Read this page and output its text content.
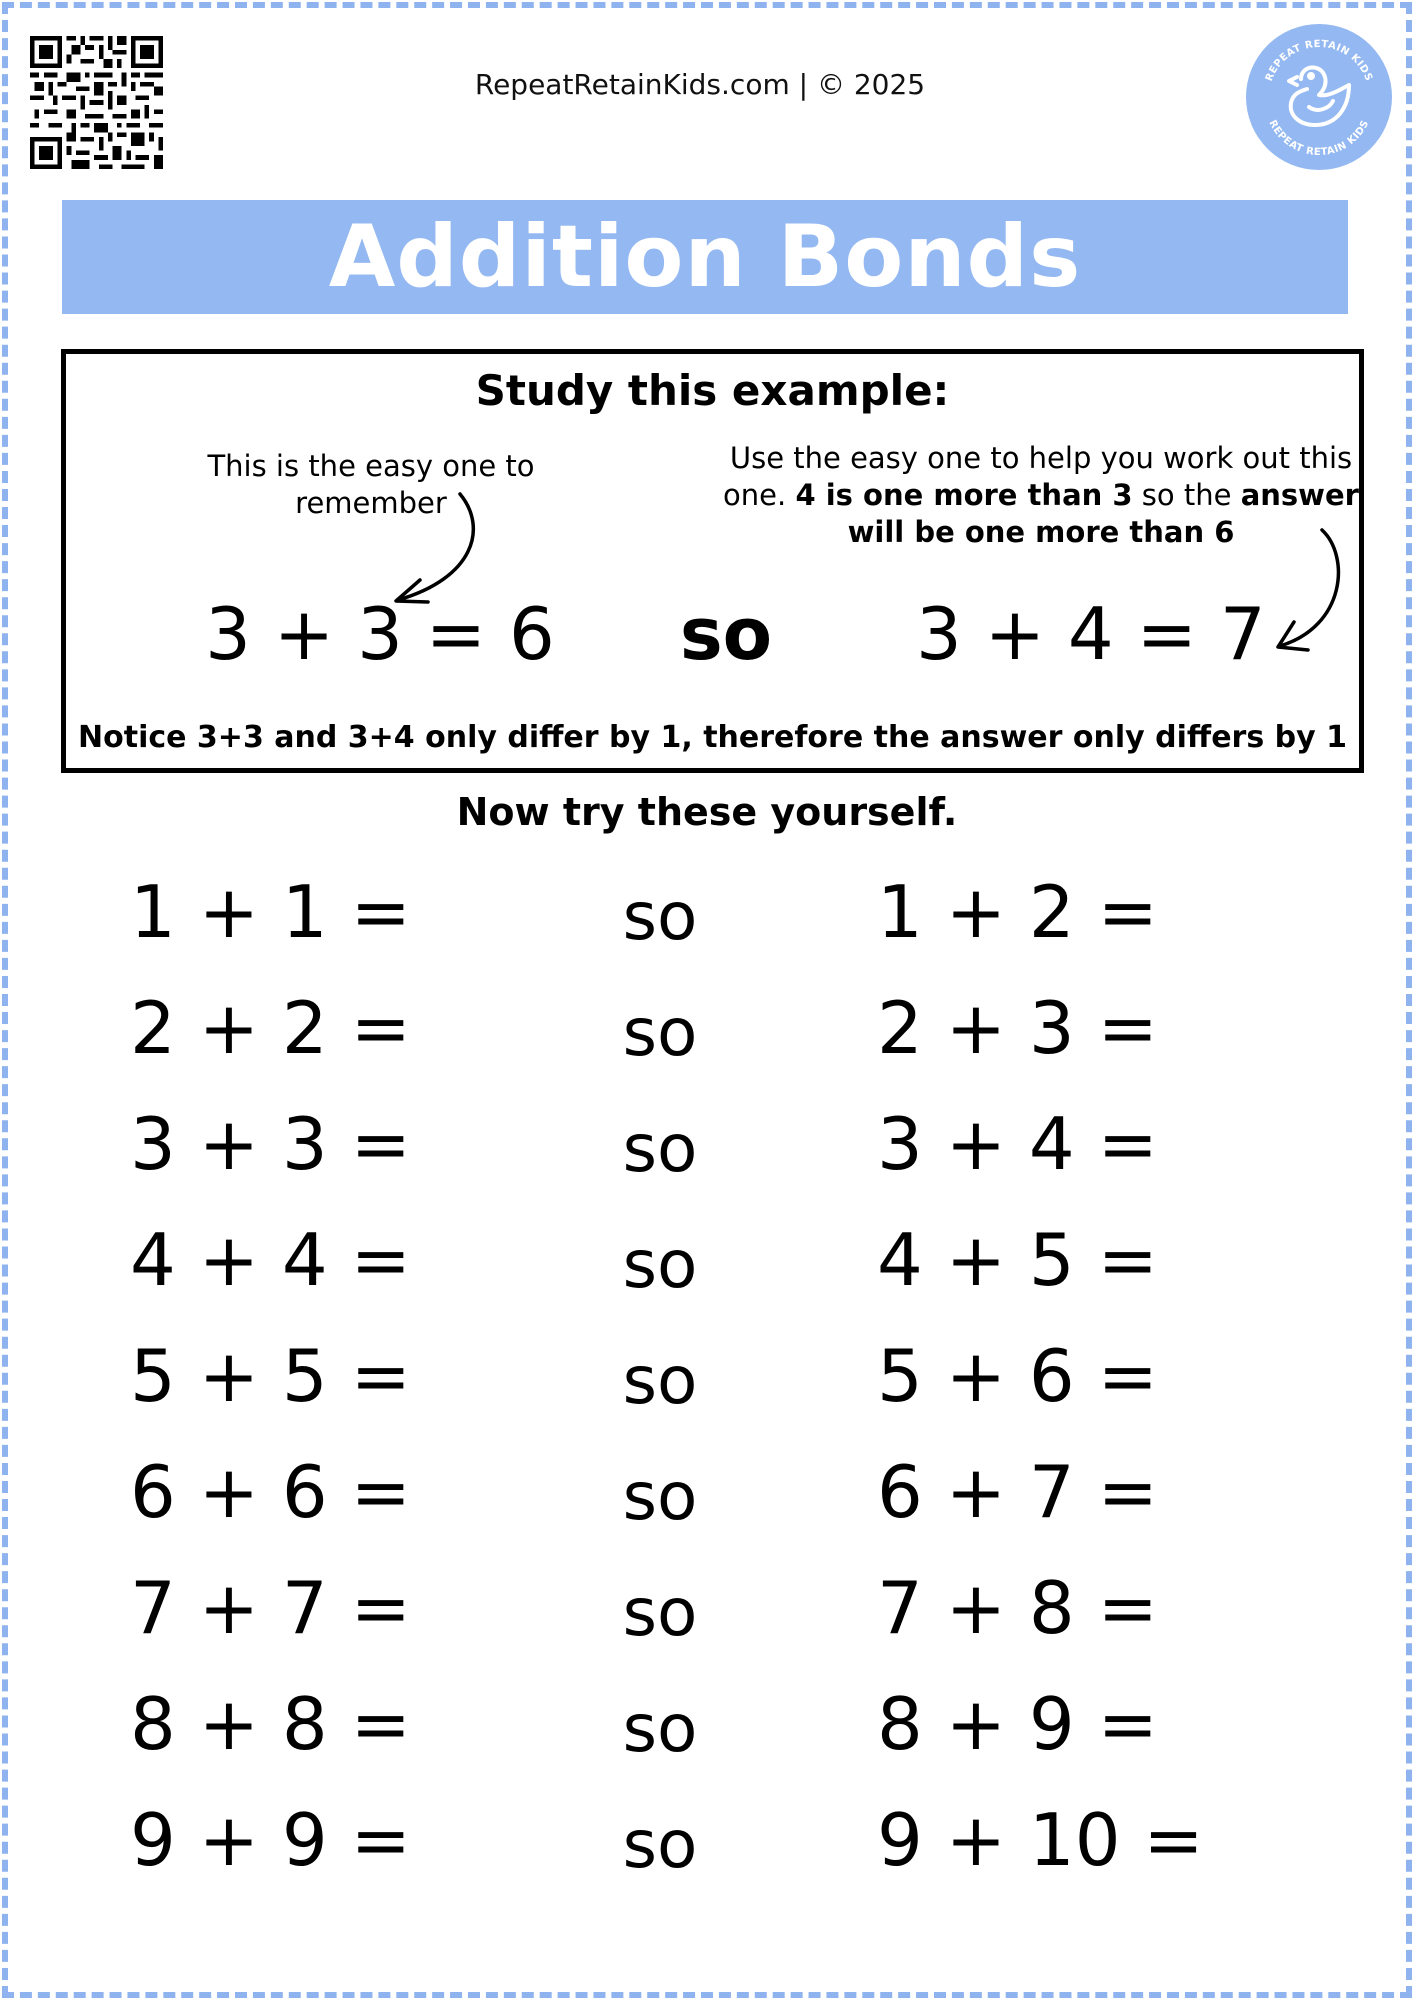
RepeatRetainKids.com | © 2025	REPEAT RETAIN KIDS
REPEAT RETAIN KIDS
Addition Bonds
Study this example:
This is the easy one to remember
Use the easy one to help you work out this one. 4 is one more than 3 so the answer will be one more than 6
3 + 3 = 6	so	3 + 4 = 7
Notice 3+3 and 3+4 only differ by 1, therefore the answer only differs by 1
Now try these yourself.
1 + 1 =	so	1 + 2 =
2 + 2 =	so	2 + 3 =
3 + 3 =	so	3 + 4 =
4 + 4 =	so	4 + 5 =
5 + 5 =	so	5 + 6 =
6 + 6 =	so	6 + 7 =
7 + 7 =	so	7 + 8 =
8 + 8 =	so	8 + 9 =
9 + 9 =	so	9 + 10 =
